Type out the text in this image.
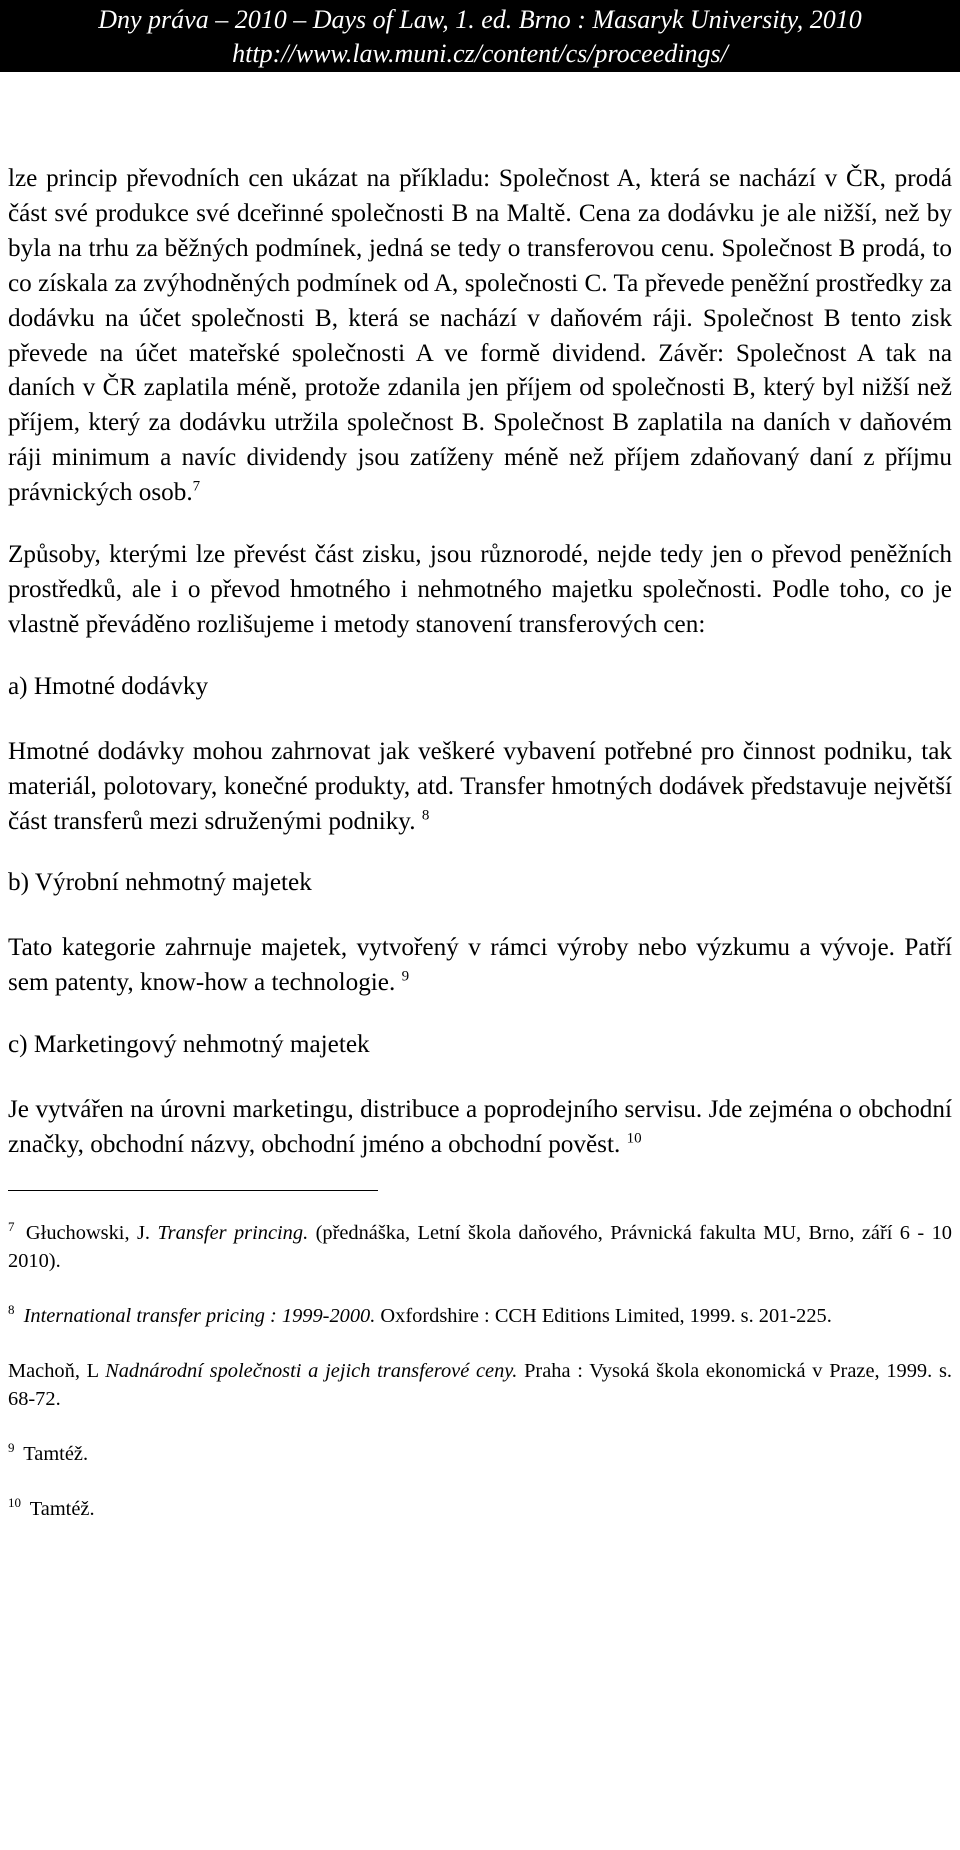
Dny práva – 2010 – Days of Law, 1. ed. Brno : Masaryk University, 2010
http://www.law.muni.cz/content/cs/proceedings/

lze princip převodních cen ukázat na příkladu: Společnost A, která se nachází v ČR, prodá část své produkce své dceřinné společnosti B na Maltě. Cena za dodávku je ale nižší, než by byla na trhu za běžných podmínek, jedná se tedy o transferovou cenu. Společnost B prodá, to co získala za zvýhodněných podmínek od A, společnosti C. Ta převede peněžní prostředky za dodávku na účet společnosti B, která se nachází v daňovém ráji. Společnost B tento zisk převede na účet mateřské společnosti A ve formě dividend. Závěr: Společnost A tak na daních v ČR zaplatila méně, protože zdanila jen příjem od společnosti B, který byl nižší než příjem, který za dodávku utržila společnost B. Společnost B zaplatila na daních v daňovém ráji minimum a navíc dividendy jsou zatíženy méně než příjem zdaňovaný daní z příjmu právnických osob.$^7$

Způsoby, kterými lze převést část zisku, jsou různorodé, nejde tedy jen o převod peněžních prostředků, ale i o převod hmotného i nehmotného majetku společnosti. Podle toho, co je vlastně převáděno rozlišujeme i metody stanovení transferových cen:

a) Hmotné dodávky

Hmotné dodávky mohou zahrnovat jak veškeré vybavení potřebné pro činnost podniku, tak materiál, polotovary, konečné produkty, atd. Transfer hmotných dodávek představuje největší část transferů mezi sdruženými podniky. $^8$

b) Výrobní nehmotný majetek

Tato kategorie zahrnuje majetek, vytvořený v rámci výroby nebo výzkumu a vývoje. Patří sem patenty, know-how a technologie. $^9$

c) Marketingový nehmotný majetek

Je vytvářen na úrovni marketingu, distribuce a poprodejního servisu. Jde zejména o obchodní značky, obchodní názvy, obchodní jméno a obchodní pověst. $^{10}$

$^7$ Głuchowski, J. Transfer princing. (přednáška, Letní škola daňového, Právnická fakulta MU, Brno, září 6 - 10 2010).

$^8$ International transfer pricing : 1999-2000. Oxfordshire : CCH Editions Limited, 1999. s. 201-225.

Machoň, L Nadnárodní společnosti a jejich transferové ceny. Praha : Vysoká škola ekonomická v Praze, 1999. s. 68-72.

$^9$ Tamtéž.

$^{10}$ Tamtéž.
